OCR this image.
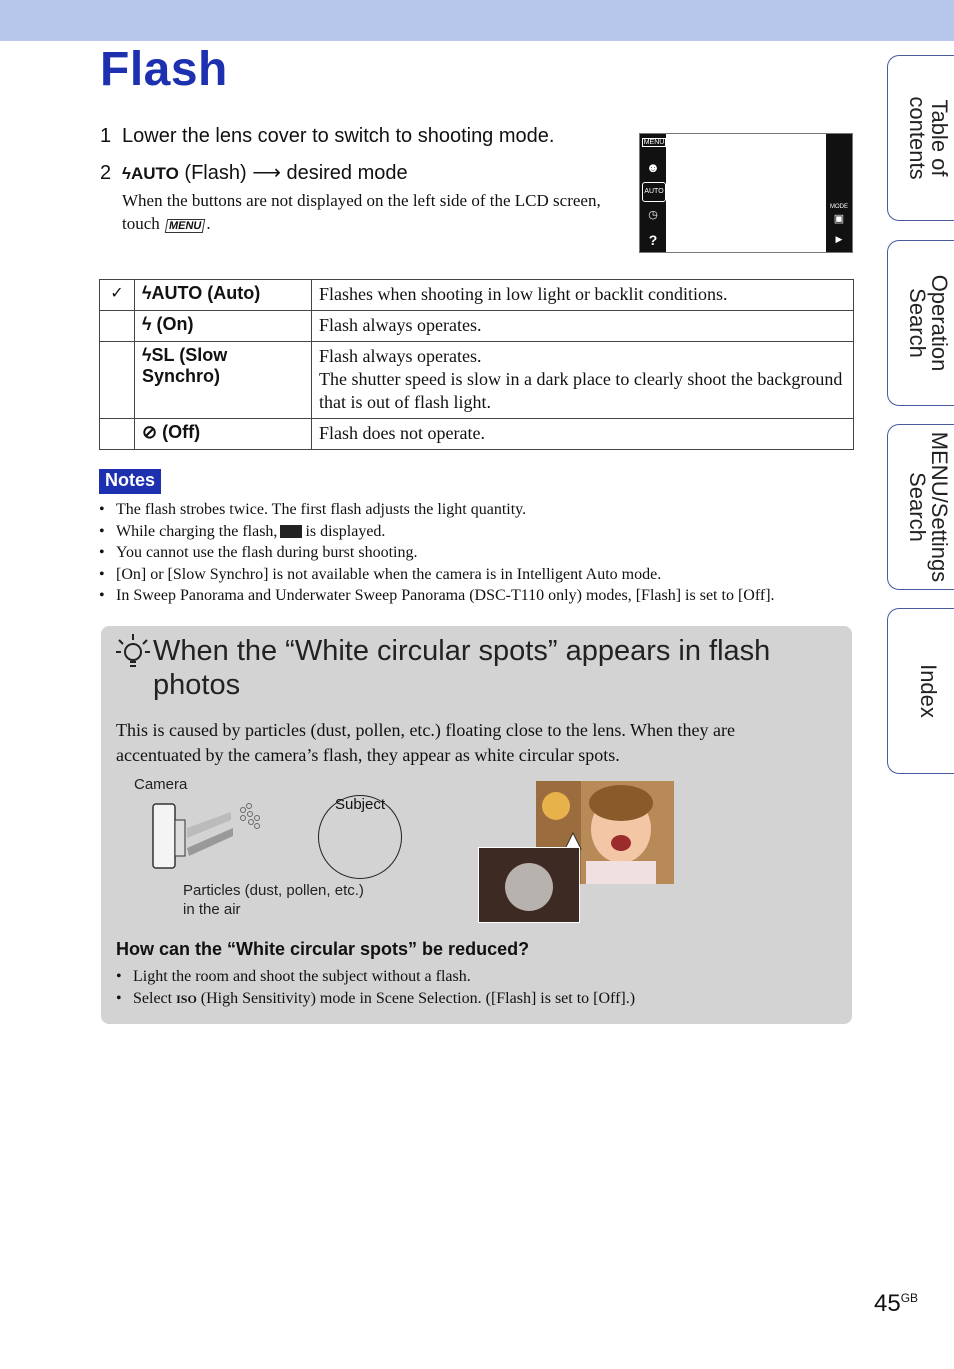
Flash
1 Lower the lens cover to switch to shooting mode.
2 ϟAUTO (Flash) ⟶ desired mode
When the buttons are not displayed on the left side of the LCD screen, touch MENU .
MENU
☻
AUTO
◷
?
MODE
▣
▶
✓	ϟAUTO (Auto)	Flashes when shooting in low light or backlit conditions.
	ϟ (On)	Flash always operates.
	ϟSL (Slow Synchro)	Flash always operates.
The shutter speed is slow in a dark place to clearly shoot the background that is out of flash light.
	⊘ (Off)	Flash does not operate.
Notes
• The flash strobes twice. The first flash adjusts the light quantity.
• While charging the flash, is displayed.
• You cannot use the flash during burst shooting.
• [On] or [Slow Synchro] is not available when the camera is in Intelligent Auto mode.
• In Sweep Panorama and Underwater Sweep Panorama (DSC-T110 only) modes, [Flash] is set to [Off].
When the “White circular spots” appears in flash photos
This is caused by particles (dust, pollen, etc.) floating close to the lens. When they are accentuated by the camera’s flash, they appear as white circular spots.
Camera
Subject
Particles (dust, pollen, etc.)
in the air
How can the “White circular spots” be reduced?
• Light the room and shoot the subject without a flash.
• Select ISO (High Sensitivity) mode in Scene Selection. ([Flash] is set to [Off].)
Table of
contents
Operation
Search
MENU/Settings
Search
Index
$45^{GB}$
